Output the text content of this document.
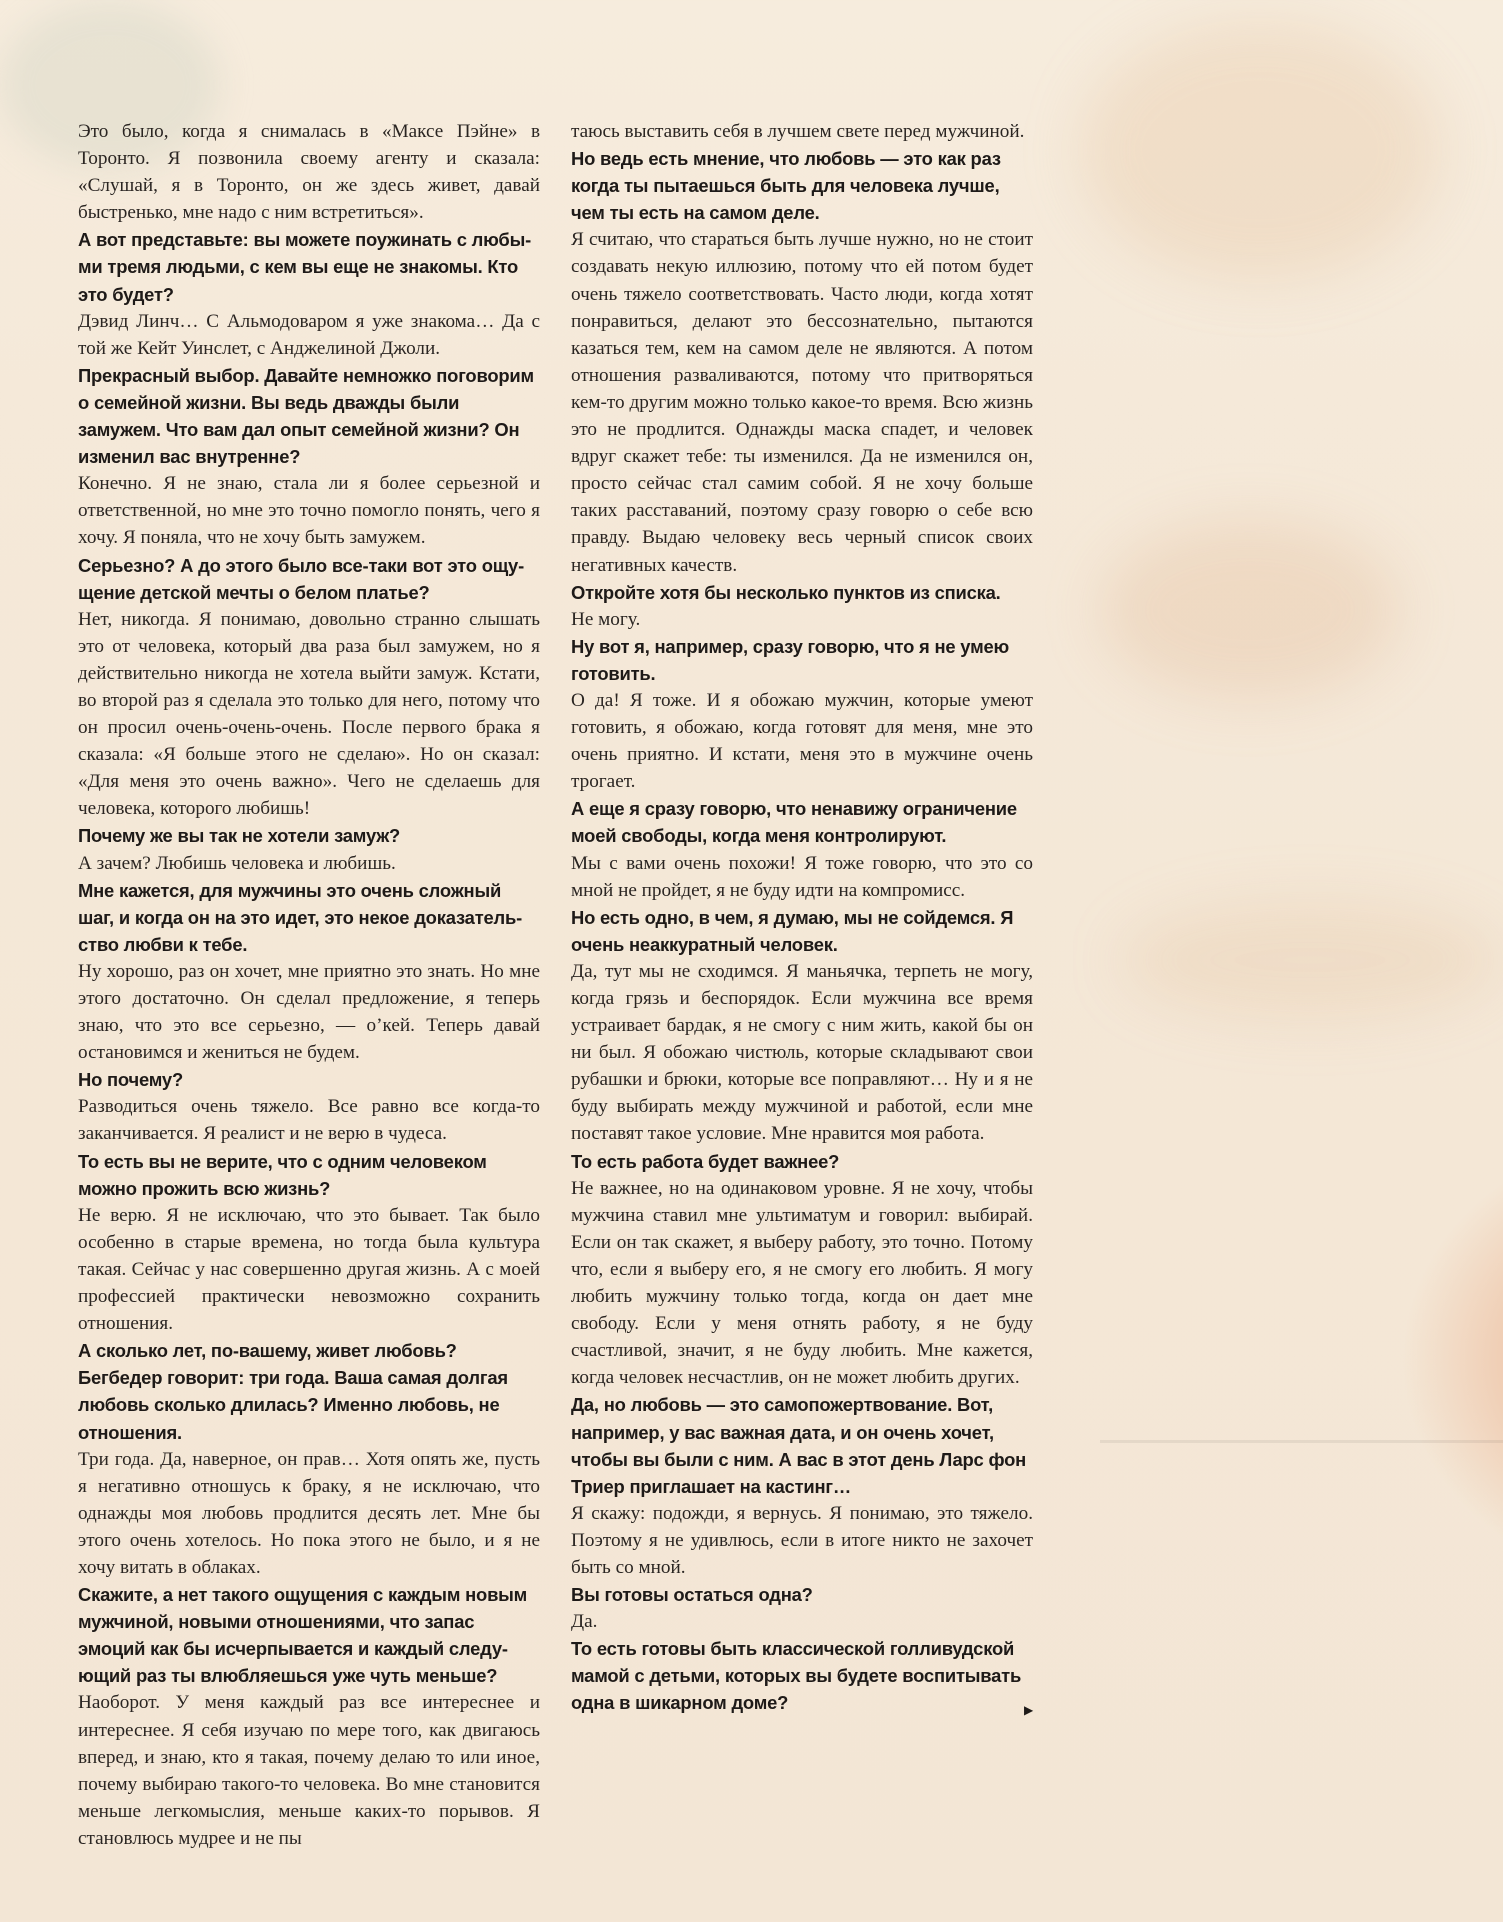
Это было, когда я снималась в «Максе Пэйне» в Торонто. Я позвонила своему агенту и сказала: «Слушай, я в Торонто, он же здесь живет, давай быстренько, мне надо с ним встретиться».

А вот представьте: вы можете поужинать с любыми тремя людьми, с кем вы еще не знакомы. Кто это будет?

Дэвид Линч… С Альмодоваром я уже знакома… Да с той же Кейт Уинслет, с Анджелиной Джоли.

Прекрасный выбор. Давайте немножко поговорим о семейной жизни. Вы ведь дважды были замужем. Что вам дал опыт семейной жизни? Он изменил вас внутренне?

Конечно. Я не знаю, стала ли я более серьезной и ответственной, но мне это точно помогло понять, чего я хочу. Я поняла, что не хочу быть замужем.

Серьезно? А до этого было все-таки вот это ощущение детской мечты о белом платье?

Нет, никогда. Я понимаю, довольно странно слышать это от человека, который два раза был замужем, но я действительно никогда не хотела выйти замуж. Кстати, во второй раз я сделала это только для него, потому что он просил очень-очень-очень. После первого брака я сказала: «Я больше этого не сделаю». Но он сказал: «Для меня это очень важно». Чего не сделаешь для человека, которого любишь!

Почему же вы так не хотели замуж?

А зачем? Любишь человека и любишь.

Мне кажется, для мужчины это очень сложный шаг, и когда он на это идет, это некое доказательство любви к тебе.

Ну хорошо, раз он хочет, мне приятно это знать. Но мне этого достаточно. Он сделал предложение, я теперь знаю, что это все серьезно, — о’кей. Теперь давай остановимся и жениться не будем.

Но почему?

Разводиться очень тяжело. Все равно все когда-то заканчивается. Я реалист и не верю в чудеса.

То есть вы не верите, что с одним человеком можно прожить всю жизнь?

Не верю. Я не исключаю, что это бывает. Так было особенно в старые времена, но тогда была культура такая. Сейчас у нас совершенно другая жизнь. А с моей профессией практически невозможно сохранить отношения.

А сколько лет, по-вашему, живет любовь? Бегбедер говорит: три года. Ваша самая долгая любовь сколько длилась? Именно любовь, не отношения.

Три года. Да, наверное, он прав… Хотя опять же, пусть я негативно отношусь к браку, я не исключаю, что однажды моя любовь продлится десять лет. Мне бы этого очень хотелось. Но пока этого не было, и я не хочу витать в облаках.

Скажите, а нет такого ощущения с каждым новым мужчиной, новыми отношениями, что запас эмоций как бы исчерпывается и каждый следующий раз ты влюбляешься уже чуть меньше?

Наоборот. У меня каждый раз все интереснее и интереснее. Я себя изучаю по мере того, как двигаюсь вперед, и знаю, кто я такая, почему делаю то или иное, почему выбираю такого-то человека. Во мне становится меньше легкомыслия, меньше каких-то порывов. Я становлюсь мудрее и не пы

таюсь выставить себя в лучшем свете перед мужчиной.

Но ведь есть мнение, что любовь — это как раз когда ты пытаешься быть для человека лучше, чем ты есть на самом деле.

Я считаю, что стараться быть лучше нужно, но не стоит создавать некую иллюзию, потому что ей потом будет очень тяжело соответствовать. Часто люди, когда хотят понравиться, делают это бессознательно, пытаются казаться тем, кем на самом деле не являются. А потом отношения разваливаются, потому что притворяться кем-то другим можно только какое-то время. Всю жизнь это не продлится. Однажды маска спадет, и человек вдруг скажет тебе: ты изменился. Да не изменился он, просто сейчас стал самим собой. Я не хочу больше таких расставаний, поэтому сразу говорю о себе всю правду. Выдаю человеку весь черный список своих негативных качеств.

Откройте хотя бы несколько пунктов из списка.

Не могу.

Ну вот я, например, сразу говорю, что я не умею готовить.

О да! Я тоже. И я обожаю мужчин, которые умеют готовить, я обожаю, когда готовят для меня, мне это очень приятно. И кстати, меня это в мужчине очень трогает.

А еще я сразу говорю, что ненавижу ограничение моей свободы, когда меня контролируют.

Мы с вами очень похожи! Я тоже говорю, что это со мной не пройдет, я не буду идти на компромисс.

Но есть одно, в чем, я думаю, мы не сойдемся. Я очень неаккуратный человек.

Да, тут мы не сходимся. Я маньячка, терпеть не могу, когда грязь и беспорядок. Если мужчина все время устраивает бардак, я не смогу с ним жить, какой бы он ни был. Я обожаю чистюль, которые складывают свои рубашки и брюки, которые все поправляют… Ну и я не буду выбирать между мужчиной и работой, если мне поставят такое условие. Мне нравится моя работа.

То есть работа будет важнее?

Не важнее, но на одинаковом уровне. Я не хочу, чтобы мужчина ставил мне ультиматум и говорил: выбирай. Если он так скажет, я выберу работу, это точно. Потому что, если я выберу его, я не смогу его любить. Я могу любить мужчину только тогда, когда он дает мне свободу. Если у меня отнять работу, я не буду счастливой, значит, я не буду любить. Мне кажется, когда человек несчастлив, он не может любить других.

Да, но любовь — это самопожертвование. Вот, например, у вас важная дата, и он очень хочет, чтобы вы были с ним. А вас в этот день Ларс фон Триер приглашает на кастинг…

Я скажу: подожди, я вернусь. Я понимаю, это тяжело. Поэтому я не удивлюсь, если в итоге никто не захочет быть со мной.

Вы готовы остаться одна?

Да.

То есть готовы быть классической голливудской мамой с детьми, которых вы будете воспитывать одна в шикарном доме?	▶
